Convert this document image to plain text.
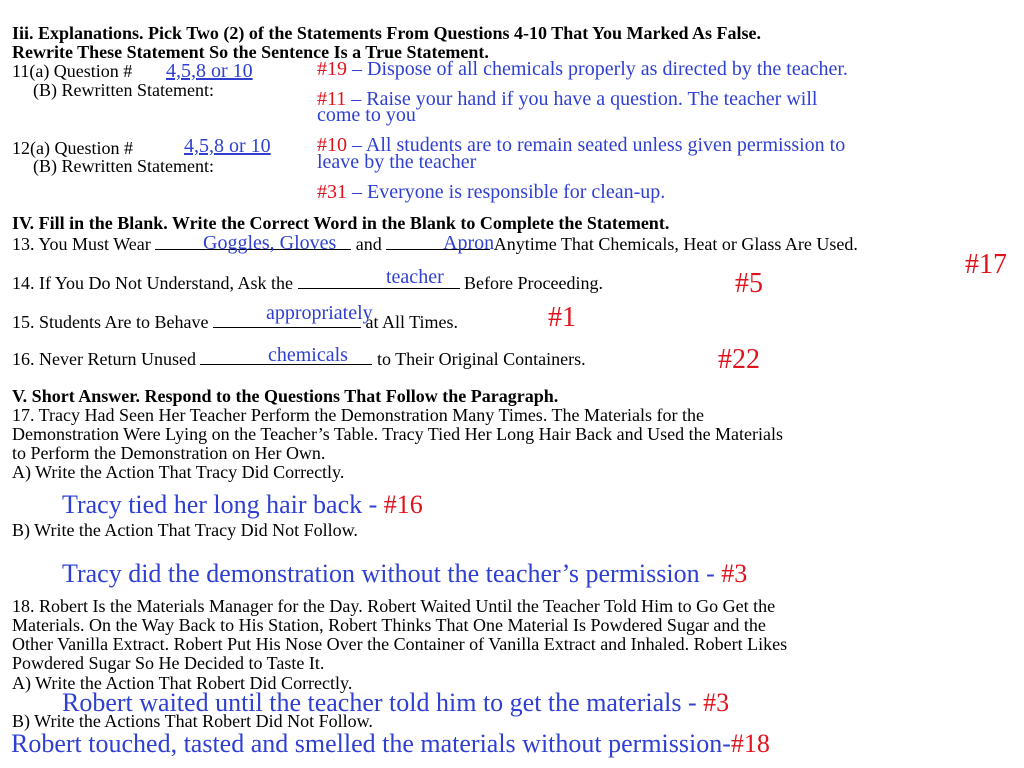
Iii. Explanations. Pick Two (2) of the Statements From Questions 4-10 That You Marked As False.
Rewrite These Statement So the Sentence Is a True Statement.
11(a) Question # 4,5,8 or 10
(B) Rewritten Statement:
12(a) Question #	4,5,8 or 10
(B) Rewritten Statement:
#19 – Dispose of all chemicals properly as directed by the teacher.
#11 – Raise your hand if you have a question. The teacher will
come to you
#10 – All students are to remain seated unless given permission to
leave by the teacher
#31 – Everyone is responsible for clean-up.
IV. Fill in the Blank. Write the Correct Word in the Blank to Complete the Statement.
13. You Must Wear	and	Anytime That Chemicals, Heat or Glass Are Used.
Goggles, Gloves	Apron
#17
14. If You Do Not Understand, Ask the	Before Proceeding.
teacher	#5
15. Students Are to Behave	at All Times.
appropriately	#1
16. Never Return Unused	to Their Original Containers.
chemicals	#22
V. Short Answer. Respond to the Questions That Follow the Paragraph.
17. Tracy Had Seen Her Teacher Perform the Demonstration Many Times. The Materials for the
Demonstration Were Lying on the Teacher’s Table. Tracy Tied Her Long Hair Back and Used the Materials
to Perform the Demonstration on Her Own.
A) Write the Action That Tracy Did Correctly.
Tracy tied her long hair back - #16
B) Write the Action That Tracy Did Not Follow.
Tracy did the demonstration without the teacher’s permission - #3
18. Robert Is the Materials Manager for the Day. Robert Waited Until the Teacher Told Him to Go Get the
Materials. On the Way Back to His Station, Robert Thinks That One Material Is Powdered Sugar and the
Other Vanilla Extract. Robert Put His Nose Over the Container of Vanilla Extract and Inhaled. Robert Likes
Powdered Sugar So He Decided to Taste It.
A) Write the Action That Robert Did Correctly.
Robert waited until the teacher told him to get the materials - #3
B) Write the Actions That Robert Did Not Follow.
Robert touched, tasted and smelled the materials without permission-#18
